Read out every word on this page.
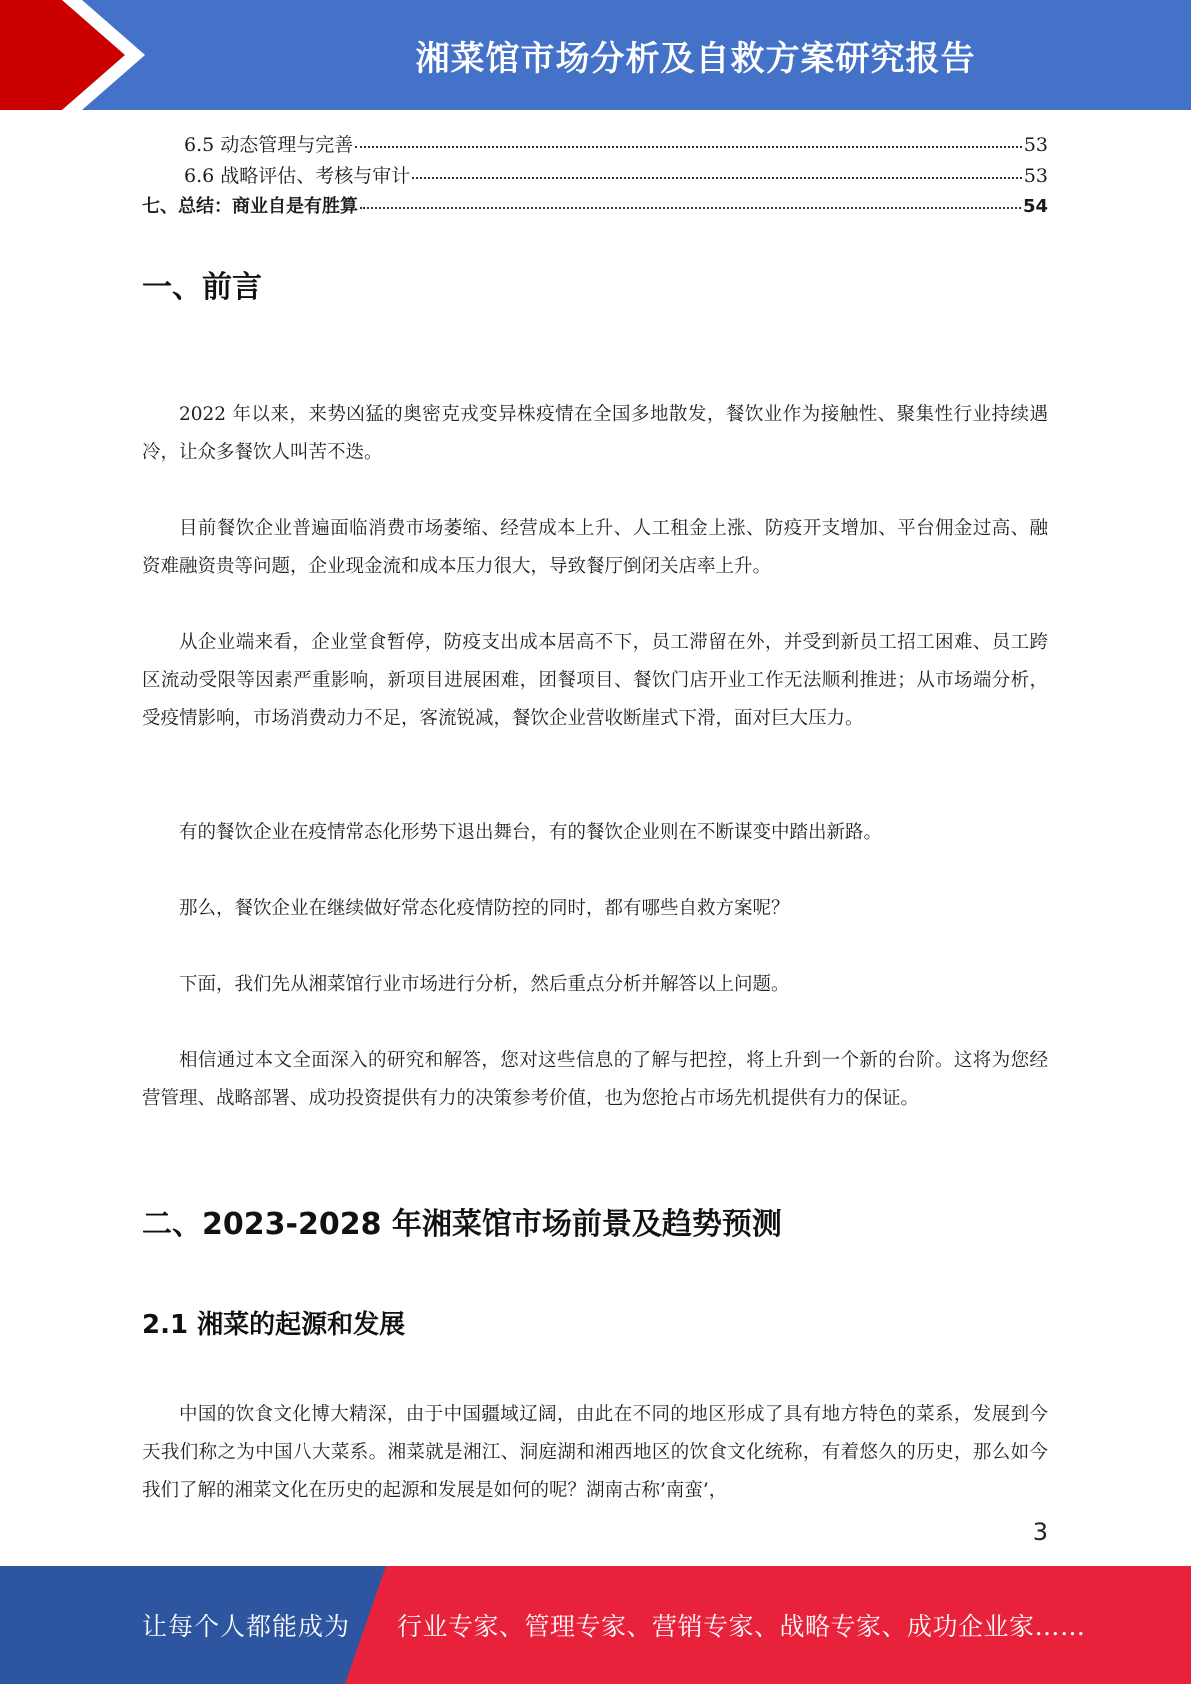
湘菜馆市场分析及自救方案研究报告
6.5 动态管理与完善	53
6.6 战略评估、考核与审计	53
七、总结：商业自是有胜算	54
一、前言

2022 年以来，来势凶猛的奥密克戎变异株疫情在全国多地散发，餐饮业作为接触性、聚集性行业持续遇冷，让众多餐饮人叫苦不迭。

目前餐饮企业普遍面临消费市场萎缩、经营成本上升、人工租金上涨、防疫开支增加、平台佣金过高、融资难融资贵等问题，企业现金流和成本压力很大，导致餐厅倒闭关店率上升。

从企业端来看，企业堂食暂停，防疫支出成本居高不下，员工滞留在外，并受到新员工招工困难、员工跨区流动受限等因素严重影响，新项目进展困难，团餐项目、餐饮门店开业工作无法顺利推进；从市场端分析，受疫情影响，市场消费动力不足，客流锐减，餐饮企业营收断崖式下滑，面对巨大压力。

有的餐饮企业在疫情常态化形势下退出舞台，有的餐饮企业则在不断谋变中踏出新路。

那么，餐饮企业在继续做好常态化疫情防控的同时，都有哪些自救方案呢？

下面，我们先从湘菜馆行业市场进行分析，然后重点分析并解答以上问题。

相信通过本文全面深入的研究和解答，您对这些信息的了解与把控，将上升到一个新的台阶。这将为您经营管理、战略部署、成功投资提供有力的决策参考价值，也为您抢占市场先机提供有力的保证。

二、2023-2028 年湘菜馆市场前景及趋势预测
2.1 湘菜的起源和发展

中国的饮食文化博大精深，由于中国疆域辽阔，由此在不同的地区形成了具有地方特色的菜系，发展到今天我们称之为中国八大菜系。湘菜就是湘江、洞庭湖和湘西地区的饮食文化统称，有着悠久的历史，那么如今我们了解的湘菜文化在历史的起源和发展是如何的呢？湖南古称’南蛮’，

3
让每个人都能成为 行业专家、管理专家、营销专家、战略专家、成功企业家……
